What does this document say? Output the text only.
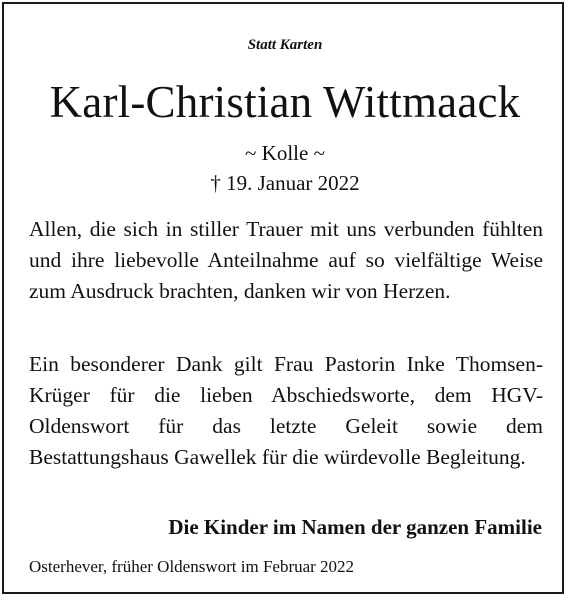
Statt Karten
Karl-Christian Wittmaack
~ Kolle ~
† 19. Januar 2022

Allen, die sich in stiller Trauer mit uns verbunden fühlten und ihre liebevolle Anteilnahme auf so vielfältige Weise zum Ausdruck brachten, danken wir von Herzen.

Ein besonderer Dank gilt Frau Pastorin Inke Thomsen-Krüger für die lieben Abschiedsworte, dem HGV-Oldenswort für das letzte Geleit sowie dem Bestattungshaus Gawellek für die würdevolle Begleitung.

Die Kinder im Namen der ganzen Familie
Osterhever, früher Oldenswort im Februar 2022
